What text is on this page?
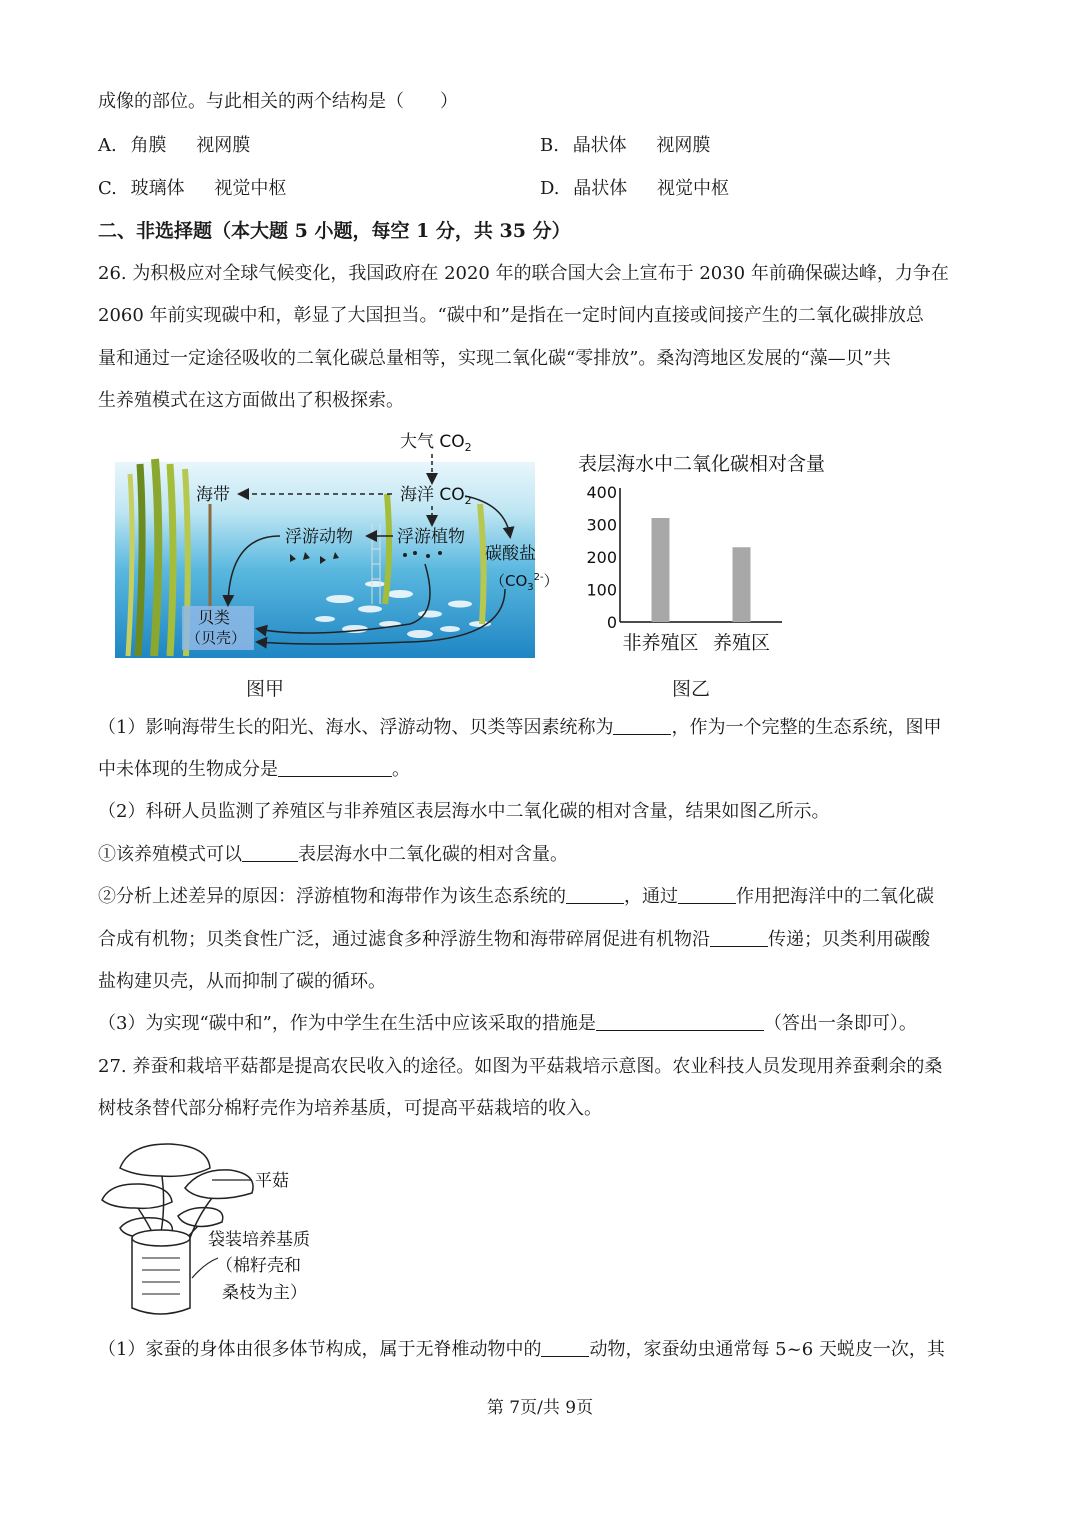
成像的部位。与此相关的两个结构是（　　）
A. 角膜 视网膜	B. 晶状体 视网膜
C. 玻璃体 视觉中枢	D. 晶状体 视觉中枢
二、非选择题（本大题 5 小题，每空 1 分，共 35 分）
26. 为积极应对全球气候变化，我国政府在 2020 年的联合国大会上宣布于 2030 年前确保碳达峰，力争在
2060 年前实现碳中和，彰显了大国担当。“碳中和”是指在一定时间内直接或间接产生的二氧化碳排放总
量和通过一定途径吸收的二氧化碳总量相等，实现二氧化碳“零排放”。桑沟湾地区发展的“藻—贝”共
生养殖模式在这方面做出了积极探索。
大气 $CO_2$
海洋 $CO_2$
海带
浮游动物	浮游植物
碳酸盐
$(CO_3^{2-})$
贝类
（贝壳）
图甲
表层海水中二氧化碳相对含量
0
100
200
300
400
非养殖区 养殖区
图乙
（1）影响海带生长的阳光、海水、浮游动物、贝类等因素统称为	，作为一个完整的生态系统，图甲
中未体现的生物成分是	。
（2）科研人员监测了养殖区与非养殖区表层海水中二氧化碳的相对含量，结果如图乙所示。
①该养殖模式可以	表层海水中二氧化碳的相对含量。
②分析上述差异的原因：浮游植物和海带作为该生态系统的	，通过	作用把海洋中的二氧化碳
合成有机物；贝类食性广泛，通过滤食多种浮游生物和海带碎屑促进有机物沿	传递；贝类利用碳酸
盐构建贝壳，从而抑制了碳的循环。
（3）为实现“碳中和”，作为中学生在生活中应该采取的措施是	（答出一条即可）。
27. 养蚕和栽培平菇都是提高农民收入的途径。如图为平菇栽培示意图。农业科技人员发现用养蚕剩余的桑
树枝条替代部分棉籽壳作为培养基质，可提高平菇栽培的收入。
平菇
袋装培养基质
（棉籽壳和
桑枝为主）
（1）家蚕的身体由很多体节构成，属于无脊椎动物中的	动物，家蚕幼虫通常每 5~6 天蜕皮一次，其
第 7页/共 9页
